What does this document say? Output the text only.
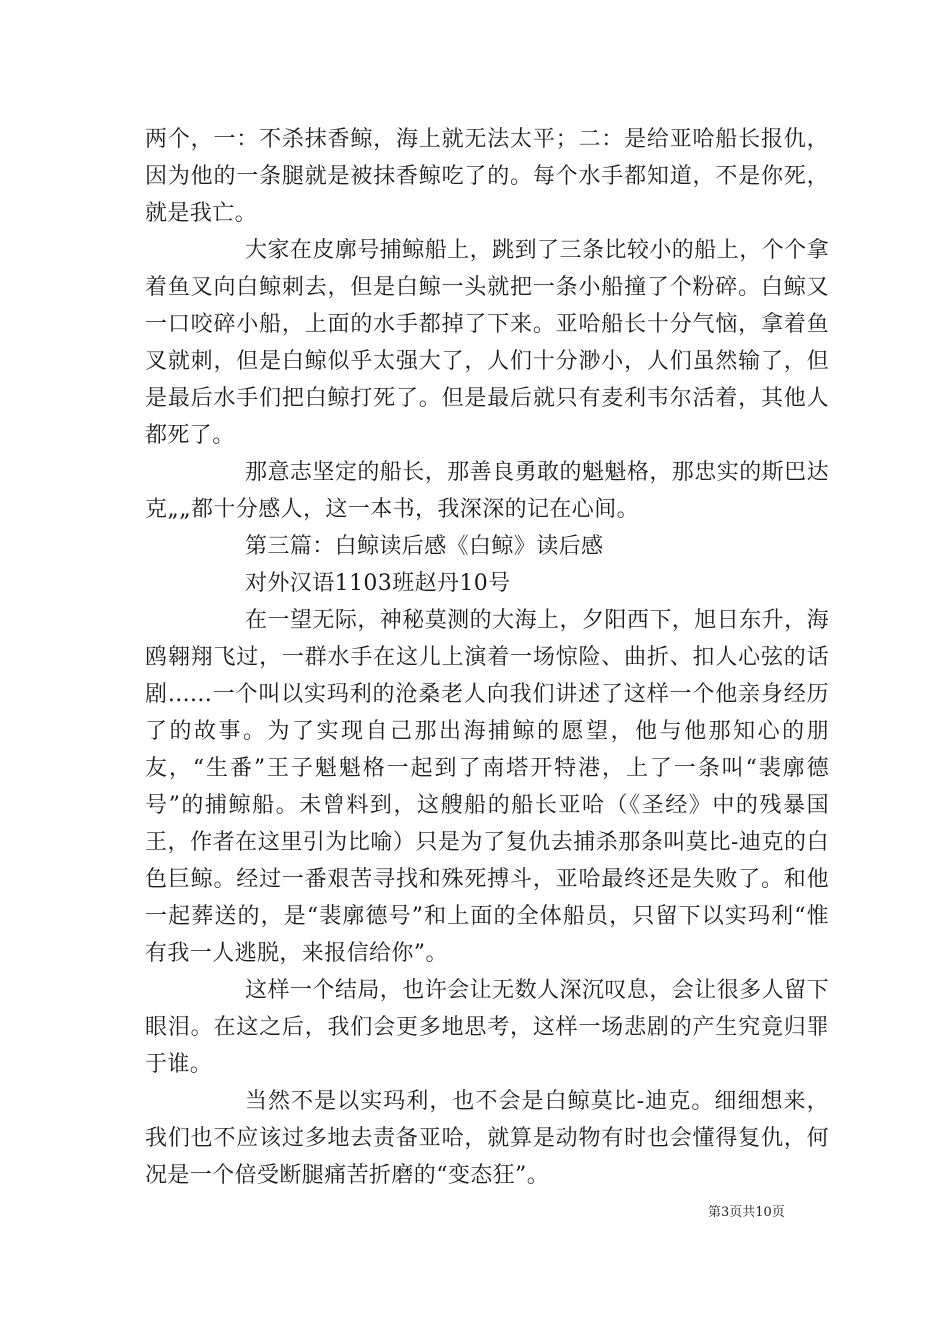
两个，一：不杀抹香鲸，海上就无法太平；二：是给亚哈船长报仇，因为他的一条腿就是被抹香鲸吃了的。每个水手都知道，不是你死，就是我亡。

大家在皮廓号捕鲸船上，跳到了三条比较小的船上，个个拿着鱼叉向白鲸刺去，但是白鲸一头就把一条小船撞了个粉碎。白鲸又一口咬碎小船，上面的水手都掉了下来。亚哈船长十分气恼，拿着鱼叉就刺，但是白鲸似乎太强大了，人们十分渺小，人们虽然输了，但是最后水手们把白鲸打死了。但是最后就只有麦利韦尔活着，其他人都死了。

那意志坚定的船长，那善良勇敢的魁魁格，那忠实的斯巴达克„„都十分感人，这一本书，我深深的记在心间。

第三篇：白鲸读后感《白鲸》读后感

对外汉语1103班赵丹10号

在一望无际，神秘莫测的大海上，夕阳西下，旭日东升，海鸥翱翔飞过，一群水手在这儿上演着一场惊险、曲折、扣人心弦的话剧......一个叫以实玛利的沧桑老人向我们讲述了这样一个他亲身经历了的故事。为了实现自己那出海捕鲸的愿望，他与他那知心的朋友，“生番”王子魁魁格一起到了南塔开特港，上了一条叫“裴廓德号”的捕鲸船。未曾料到，这艘船的船长亚哈（《圣经》中的残暴国王，作者在这里引为比喻）只是为了复仇去捕杀那条叫莫比-迪克的白色巨鲸。经过一番艰苦寻找和殊死搏斗，亚哈最终还是失败了。和他一起葬送的，是“裴廓德号”和上面的全体船员，只留下以实玛利“惟有我一人逃脱，来报信给你”。

这样一个结局，也许会让无数人深沉叹息，会让很多人留下眼泪。在这之后，我们会更多地思考，这样一场悲剧的产生究竟归罪于谁。

当然不是以实玛利，也不会是白鲸莫比-迪克。细细想来，我们也不应该过多地去责备亚哈，就算是动物有时也会懂得复仇，何况是一个倍受断腿痛苦折磨的“变态狂”。

第3页共10页
